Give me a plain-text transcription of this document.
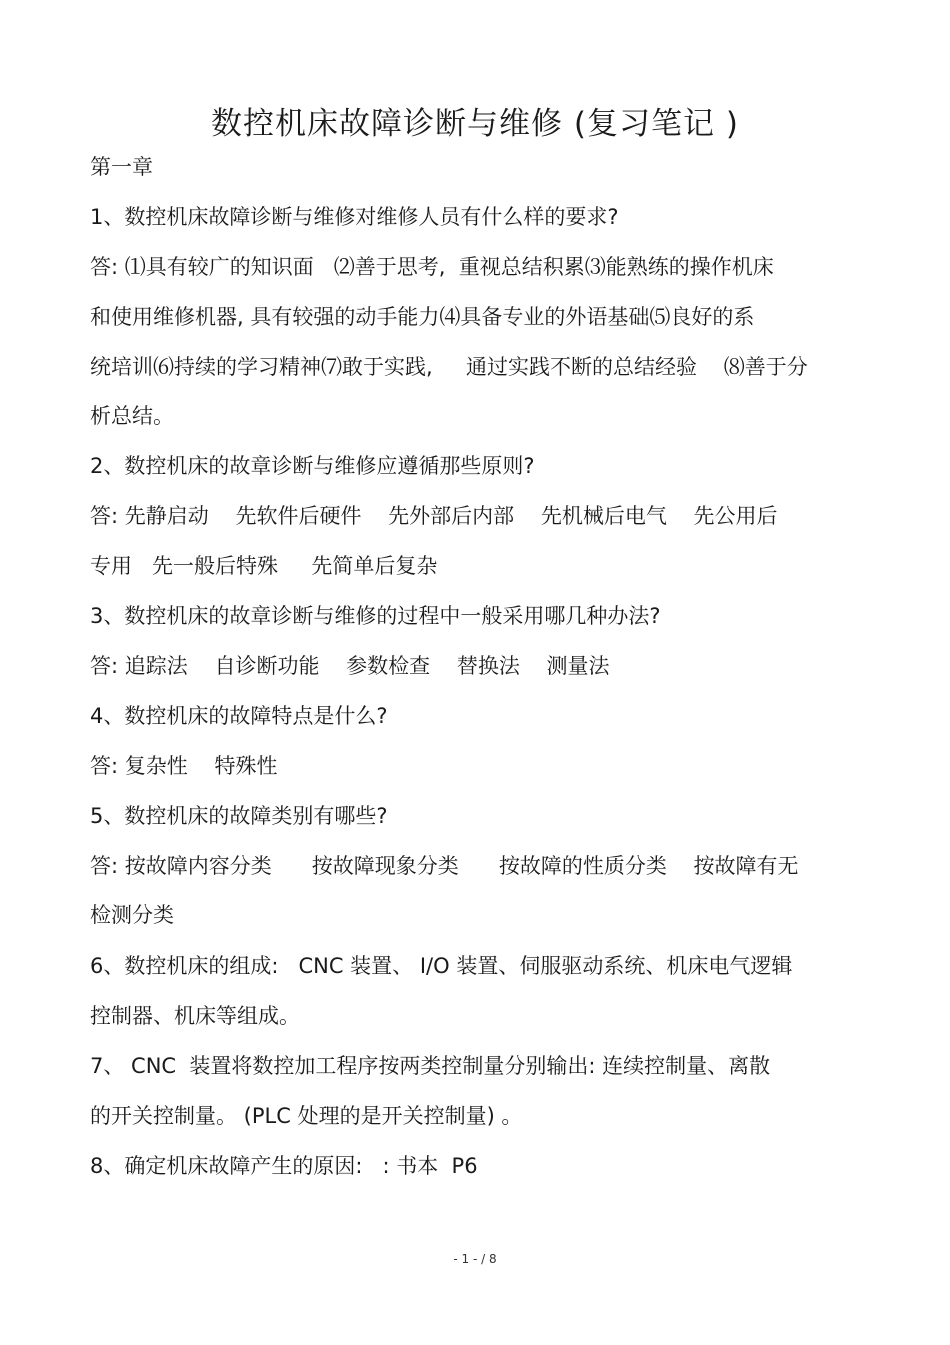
数控机床故障诊断与维修 (复习笔记 )
第一章
1、数控机床故障诊断与维修对维修人员有什么样的要求?
答: ⑴具有较广的知识面   ⑵善于思考,  重视总结积累⑶能熟练的操作机床
和使用维修机器, 具有较强的动手能力⑷具备专业的外语基础⑸良好的系
统培训⑹持续的学习精神⑺敢于实践,     通过实践不断的总结经验    ⑻善于分
析总结。
2、数控机床的故章诊断与维修应遵循那些原则?
答: 先静启动    先软件后硬件    先外部后内部    先机械后电气    先公用后
专用   先一般后特殊     先简单后复杂
3、数控机床的故章诊断与维修的过程中一般采用哪几种办法?
答: 追踪法    自诊断功能    参数检查    替换法    测量法
4、数控机床的故障特点是什么?
答: 复杂性    特殊性
5、数控机床的故障类别有哪些?
答: 按故障内容分类      按故障现象分类      按故障的性质分类    按故障有无
检测分类
6、数控机床的组成:   CNC 装置、 I/O 装置、伺服驱动系统、机床电气逻辑
控制器、机床等组成。
7、 CNC  装置将数控加工程序按两类控制量分别输出: 连续控制量、离散
的开关控制量。 (PLC 处理的是开关控制量) 。
8、确定机床故障产生的原因:   : 书本  P6
- 1 - / 8
